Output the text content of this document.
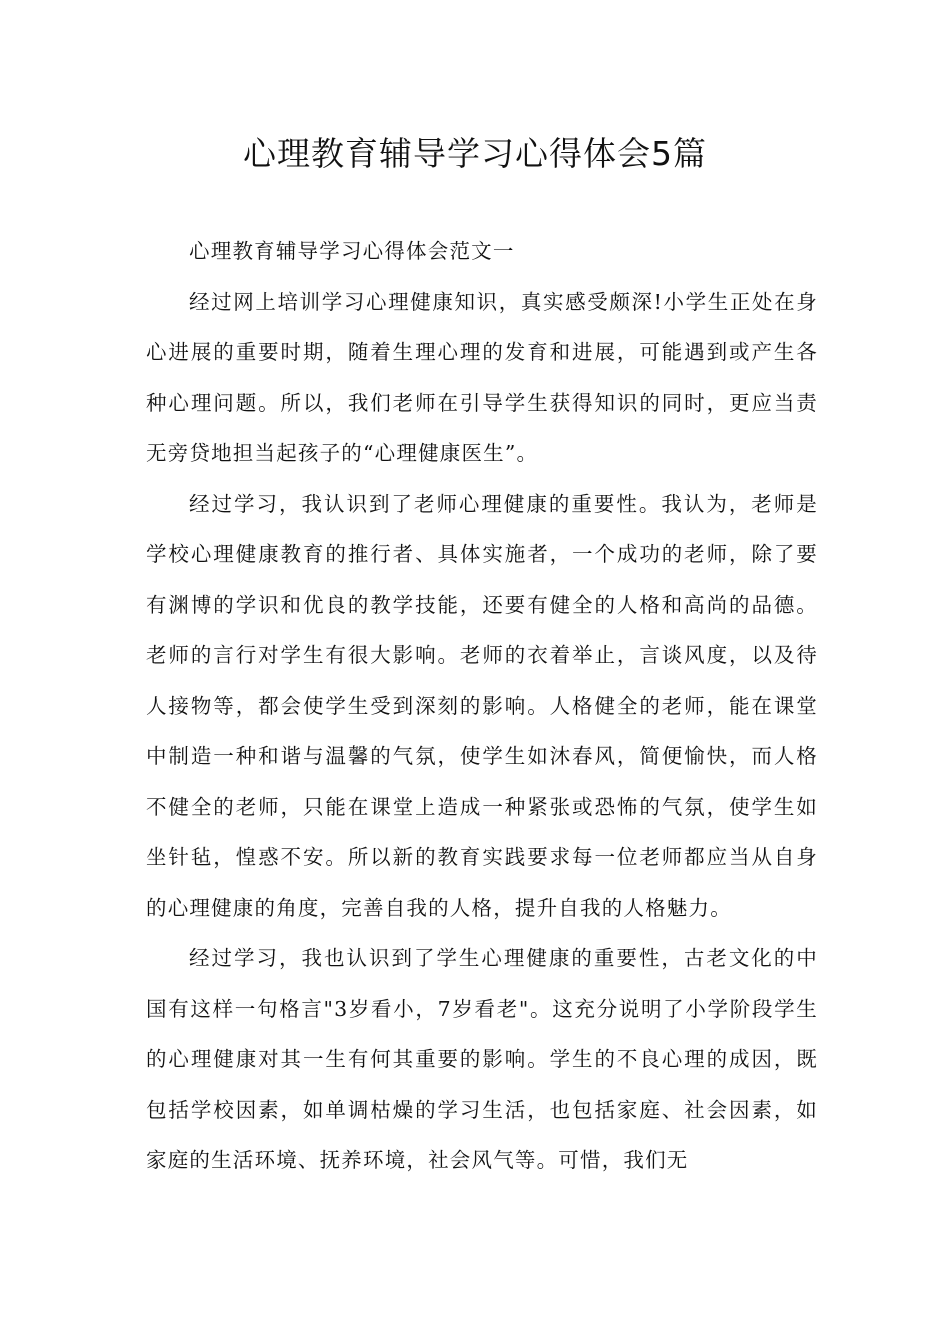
心理教育辅导学习心得体会5篇

心理教育辅导学习心得体会范文一

经过网上培训学习心理健康知识，真实感受颇深!小学生正处在身心进展的重要时期，随着生理心理的发育和进展，可能遇到或产生各种心理问题。所以，我们老师在引导学生获得知识的同时，更应当责无旁贷地担当起孩子的“心理健康医生”。

经过学习，我认识到了老师心理健康的重要性。我认为，老师是学校心理健康教育的推行者、具体实施者，一个成功的老师，除了要有渊博的学识和优良的教学技能，还要有健全的人格和高尚的品德。老师的言行对学生有很大影响。老师的衣着举止，言谈风度，以及待人接物等，都会使学生受到深刻的影响。人格健全的老师，能在课堂中制造一种和谐与温馨的气氛，使学生如沐春风，简便愉快，而人格不健全的老师，只能在课堂上造成一种紧张或恐怖的气氛，使学生如坐针毡，惶惑不安。所以新的教育实践要求每一位老师都应当从自身的心理健康的角度，完善自我的人格，提升自我的人格魅力。

经过学习，我也认识到了学生心理健康的重要性，古老文化的中国有这样一句格言"3岁看小，7岁看老"。这充分说明了小学阶段学生的心理健康对其一生有何其重要的影响。学生的不良心理的成因，既包括学校因素，如单调枯燥的学习生活，也包括家庭、社会因素，如家庭的生活环境、抚养环境，社会风气等。可惜，我们无
